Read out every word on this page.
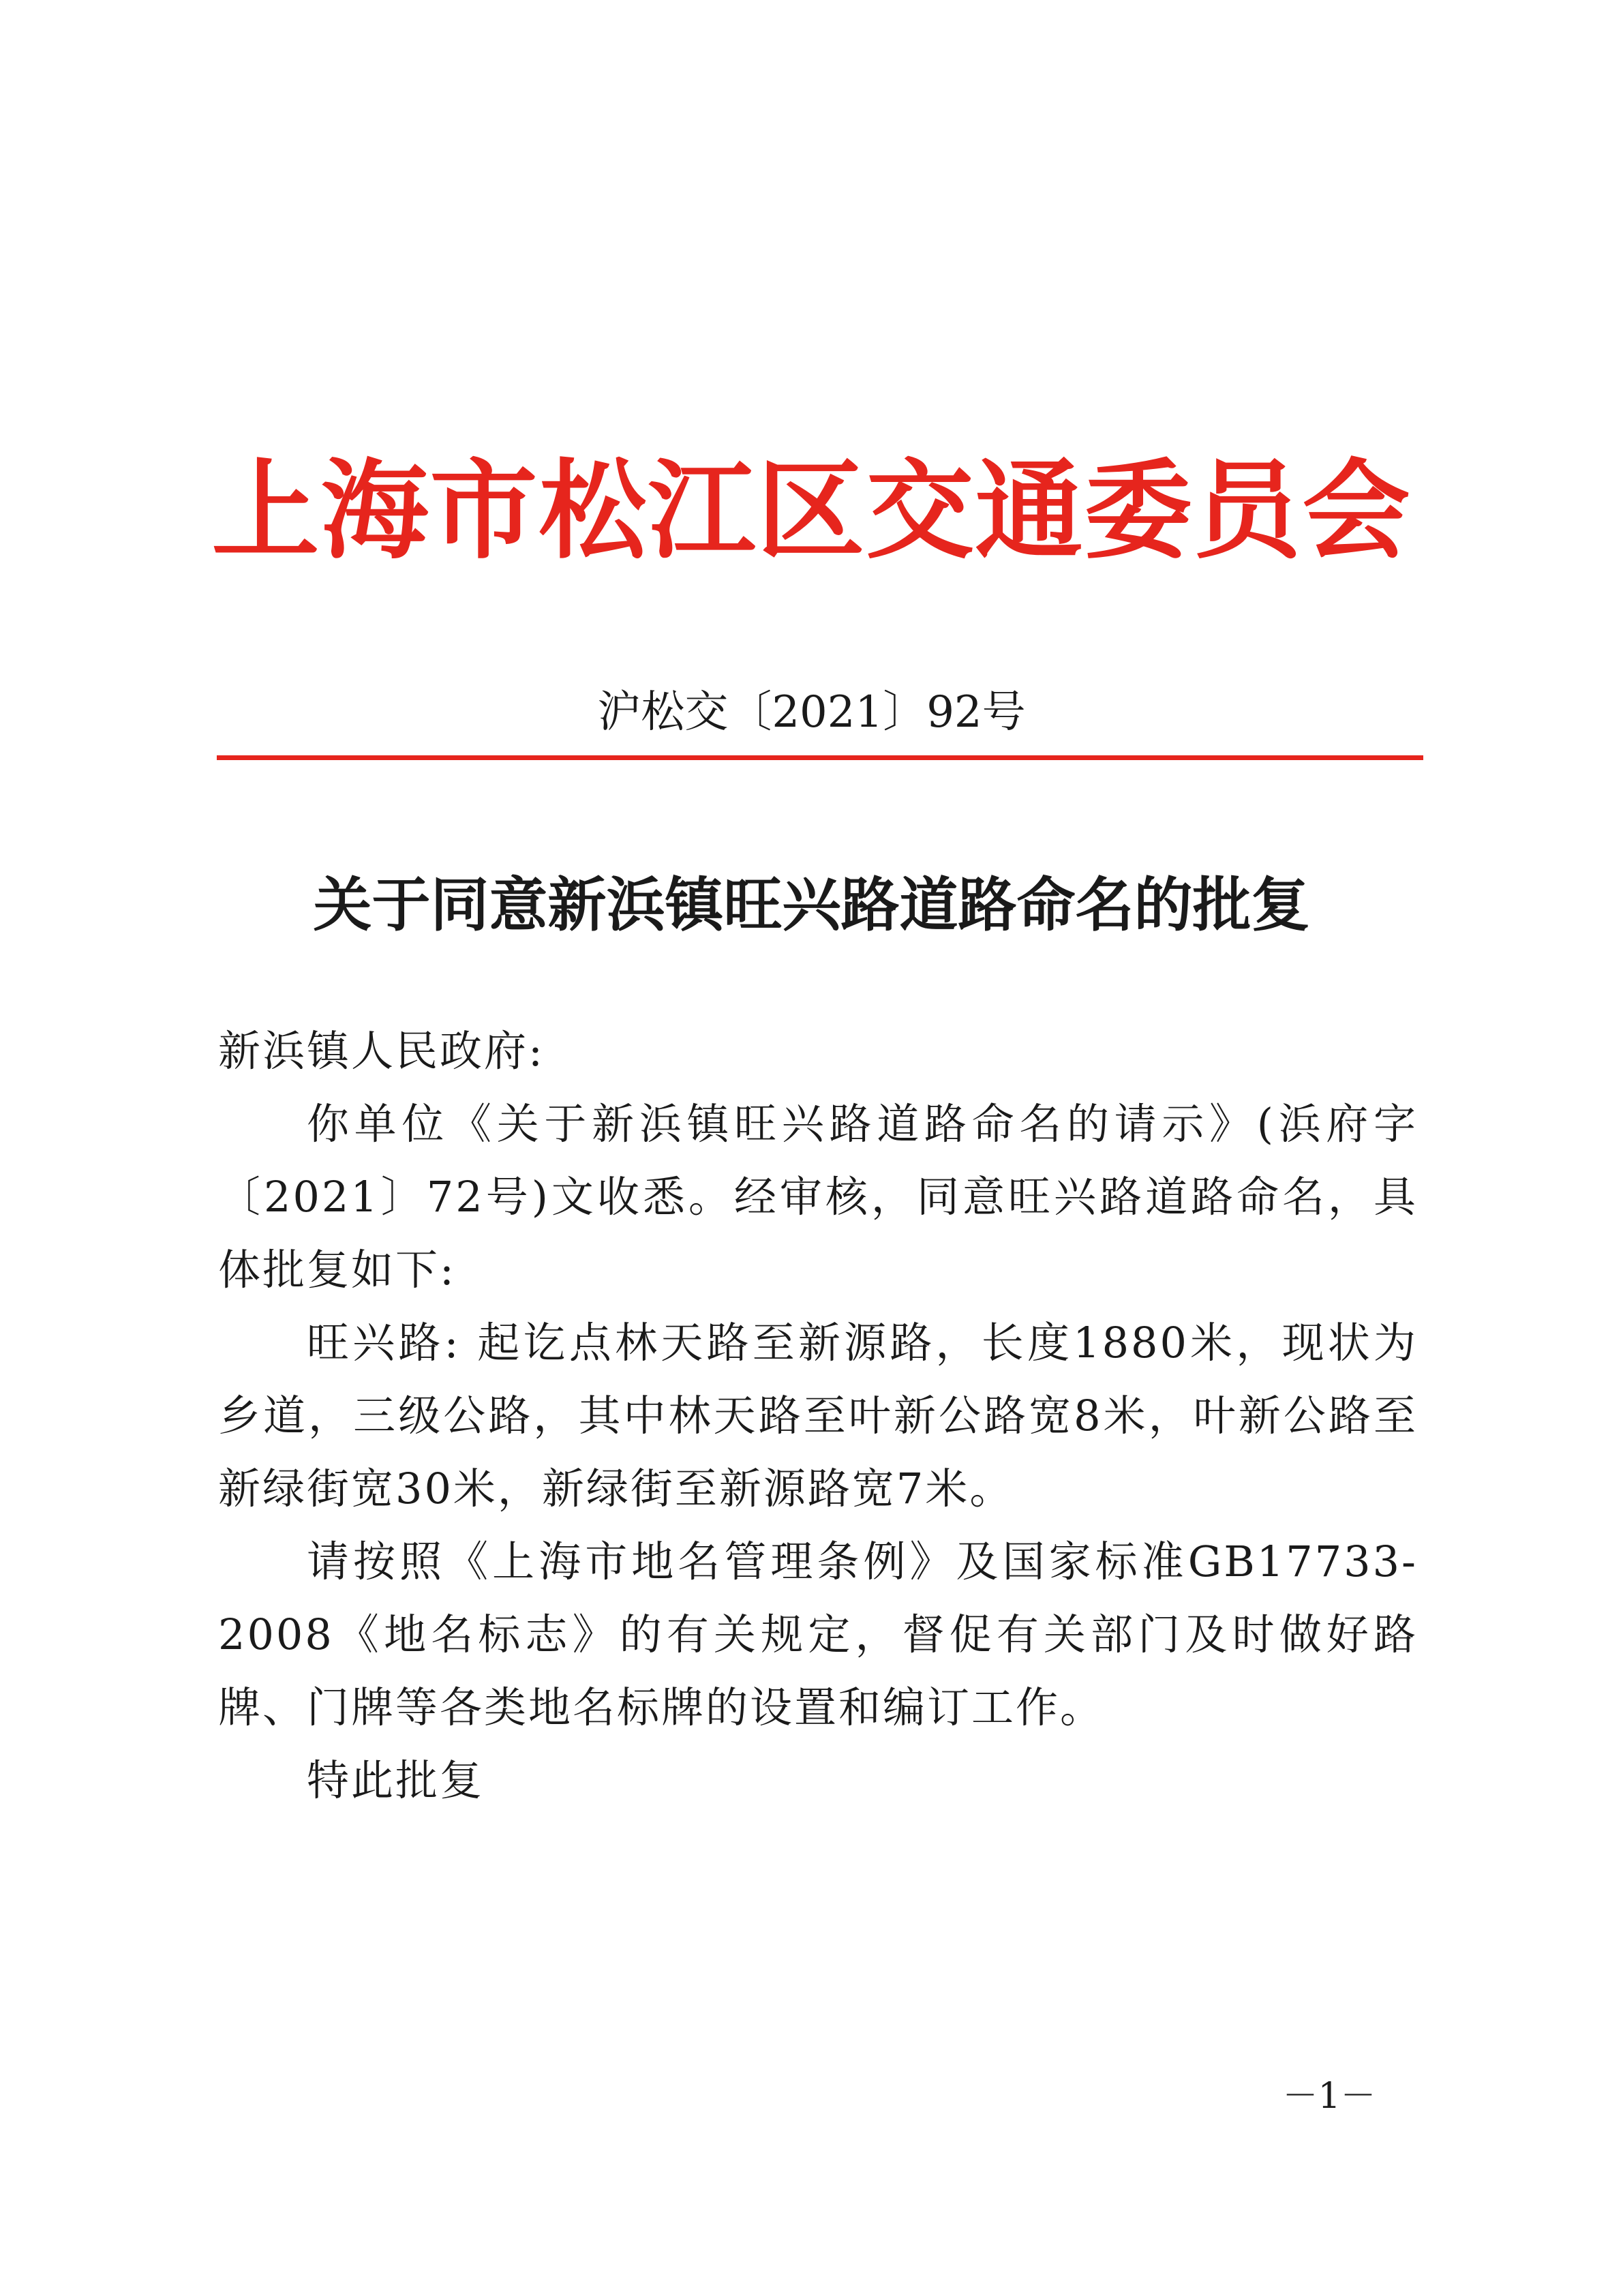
上海市松江区交通委员会
沪松交〔2021〕92号
关于同意新浜镇旺兴路道路命名的批复

新浜镇人民政府:

你单位《关于新浜镇旺兴路道路命名的请示》(浜府字〔2021〕72号)文收悉。经审核，同意旺兴路道路命名，具体批复如下:

旺兴路: 起讫点林天路至新源路，长度1880米，现状为乡道，三级公路，其中林天路至叶新公路宽8米，叶新公路至新绿街宽30米，新绿街至新源路宽7米。

请按照《上海市地名管理条例》及国家标准GB17733-2008《地名标志》的有关规定，督促有关部门及时做好路牌、门牌等各类地名标牌的设置和编订工作。

特此批复

－1－
